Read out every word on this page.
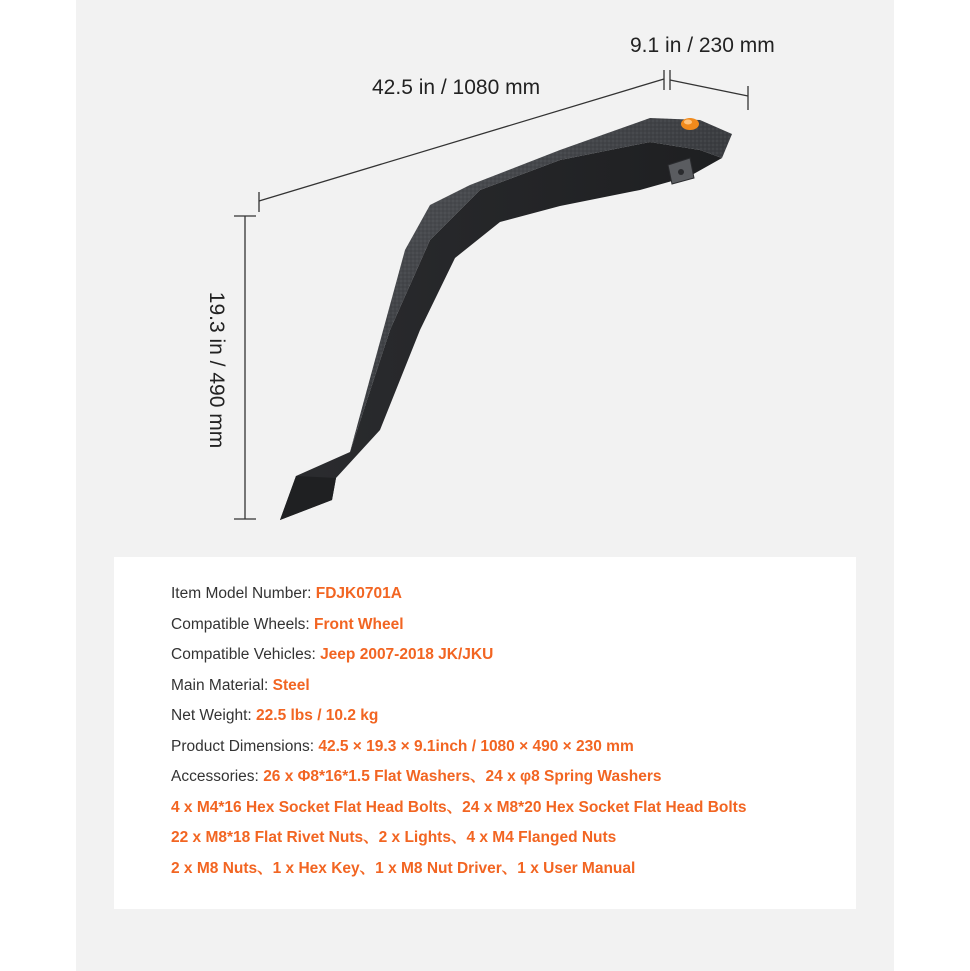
9.1 in / 230 mm
42.5 in / 1080 mm
19.3 in / 490 mm
Item Model Number: FDJK0701A
Compatible Wheels: Front Wheel
Compatible Vehicles: Jeep 2007-2018 JK/JKU
Main Material: Steel
Net Weight: 22.5 lbs / 10.2 kg
Product Dimensions: 42.5 × 19.3 × 9.1inch / 1080 × 490 × 230 mm
Accessories: 26 x Φ8*16*1.5 Flat Washers、24 x φ8 Spring Washers
4 x M4*16 Hex Socket Flat Head Bolts、24 x M8*20 Hex Socket Flat Head Bolts
22 x M8*18 Flat Rivet Nuts、2 x Lights、4 x M4 Flanged Nuts
2 x M8 Nuts、1 x Hex Key、1 x M8 Nut Driver、1 x User Manual
